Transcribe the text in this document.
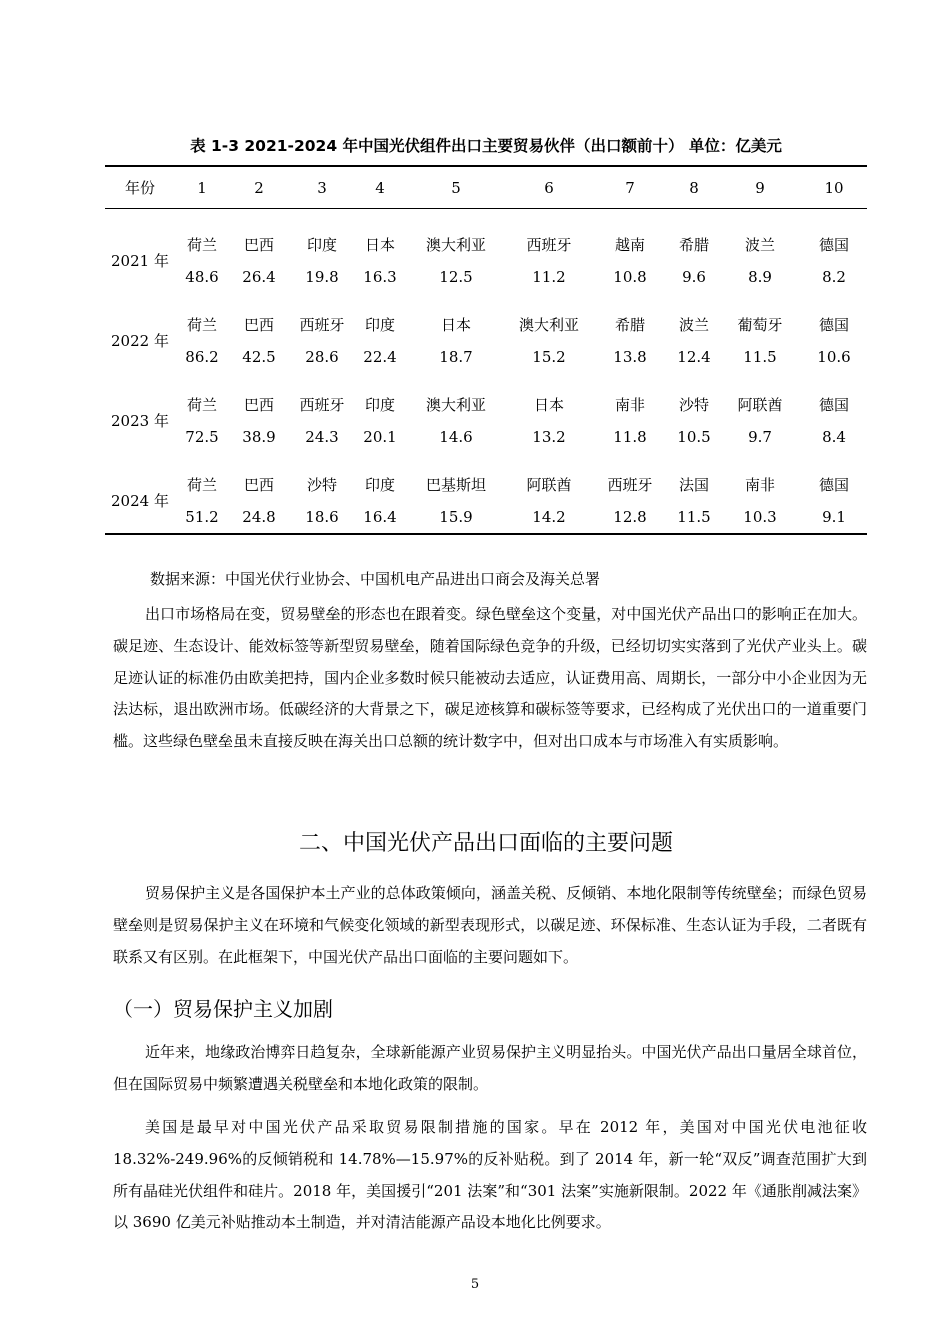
表 1-3 2021-2024 年中国光伏组件出口主要贸易伙伴（出口额前十） 单位：亿美元
年份	1	2	3	4	5	6	7	8	9	10
2021 年	荷兰	巴西	印度	日本	澳大利亚	西班牙	越南	希腊	波兰	德国
	48.6	26.4	19.8	16.3	12.5	11.2	10.8	9.6	8.9	8.2
2022 年	荷兰	巴西	西班牙	印度	日本	澳大利亚	希腊	波兰	葡萄牙	德国
	86.2	42.5	28.6	22.4	18.7	15.2	13.8	12.4	11.5	10.6
2023 年	荷兰	巴西	西班牙	印度	澳大利亚	日本	南非	沙特	阿联酋	德国
	72.5	38.9	24.3	20.1	14.6	13.2	11.8	10.5	9.7	8.4
2024 年	荷兰	巴西	沙特	印度	巴基斯坦	阿联酋	西班牙	法国	南非	德国
	51.2	24.8	18.6	16.4	15.9	14.2	12.8	11.5	10.3	9.1
数据来源：中国光伏行业协会、中国机电产品进出口商会及海关总署

出口市场格局在变，贸易壁垒的形态也在跟着变。绿色壁垒这个变量，对中国光伏产品出口的影响正在加大。碳足迹、生态设计、能效标签等新型贸易壁垒，随着国际绿色竞争的升级，已经切切实实落到了光伏产业头上。碳足迹认证的标准仍由欧美把持，国内企业多数时候只能被动去适应，认证费用高、周期长，一部分中小企业因为无法达标，退出欧洲市场。低碳经济的大背景之下，碳足迹核算和碳标签等要求，已经构成了光伏出口的一道重要门槛。这些绿色壁垒虽未直接反映在海关出口总额的统计数字中，但对出口成本与市场准入有实质影响。

二、中国光伏产品出口面临的主要问题

贸易保护主义是各国保护本土产业的总体政策倾向，涵盖关税、反倾销、本地化限制等传统壁垒；而绿色贸易壁垒则是贸易保护主义在环境和气候变化领域的新型表现形式，以碳足迹、环保标准、生态认证为手段，二者既有联系又有区别。在此框架下，中国光伏产品出口面临的主要问题如下。

（一）贸易保护主义加剧

近年来，地缘政治博弈日趋复杂，全球新能源产业贸易保护主义明显抬头。中国光伏产品出口量居全球首位，但在国际贸易中频繁遭遇关税壁垒和本地化政策的限制。

美国是最早对中国光伏产品采取贸易限制措施的国家。早在 2012 年，美国对中国光伏电池征收 18.32%-249.96%的反倾销税和 14.78%—15.97%的反补贴税。到了 2014 年，新一轮“双反”调查范围扩大到所有晶硅光伏组件和硅片。2018 年，美国援引“201 法案”和“301 法案”实施新限制。2022 年《通胀削减法案》以 3690 亿美元补贴推动本土制造，并对清洁能源产品设本地化比例要求。

5
